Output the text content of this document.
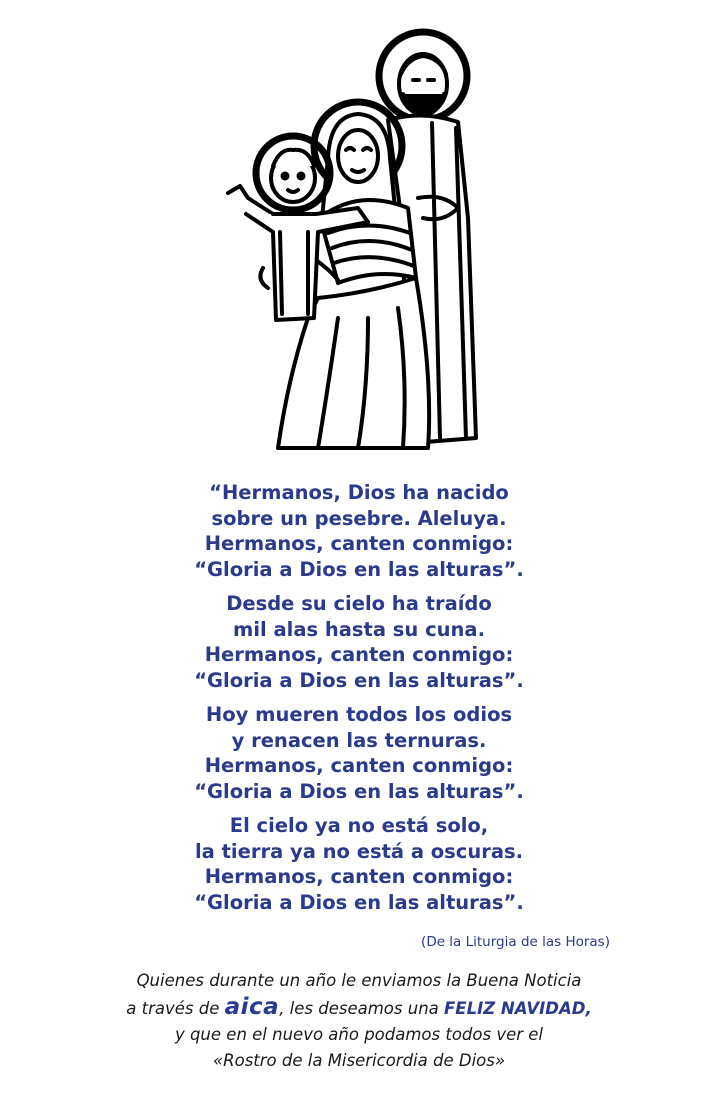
“Hermanos, Dios ha nacido
sobre un pesebre. Aleluya.
Hermanos, canten conmigo:
“Gloria a Dios en las alturas”.
Desde su cielo ha traído
mil alas hasta su cuna.
Hermanos, canten conmigo:
“Gloria a Dios en las alturas”.
Hoy mueren todos los odios
y renacen las ternuras.
Hermanos, canten conmigo:
“Gloria a Dios en las alturas”.
El cielo ya no está solo,
la tierra ya no está a oscuras.
Hermanos, canten conmigo:
“Gloria a Dios en las alturas”.
(De la Liturgia de las Horas)
Quienes durante un año le enviamos la Buena Noticia
a través de aica, les deseamos una FELIZ NAVIDAD,
y que en el nuevo año podamos todos ver el
«Rostro de la Misericordia de Dios»
